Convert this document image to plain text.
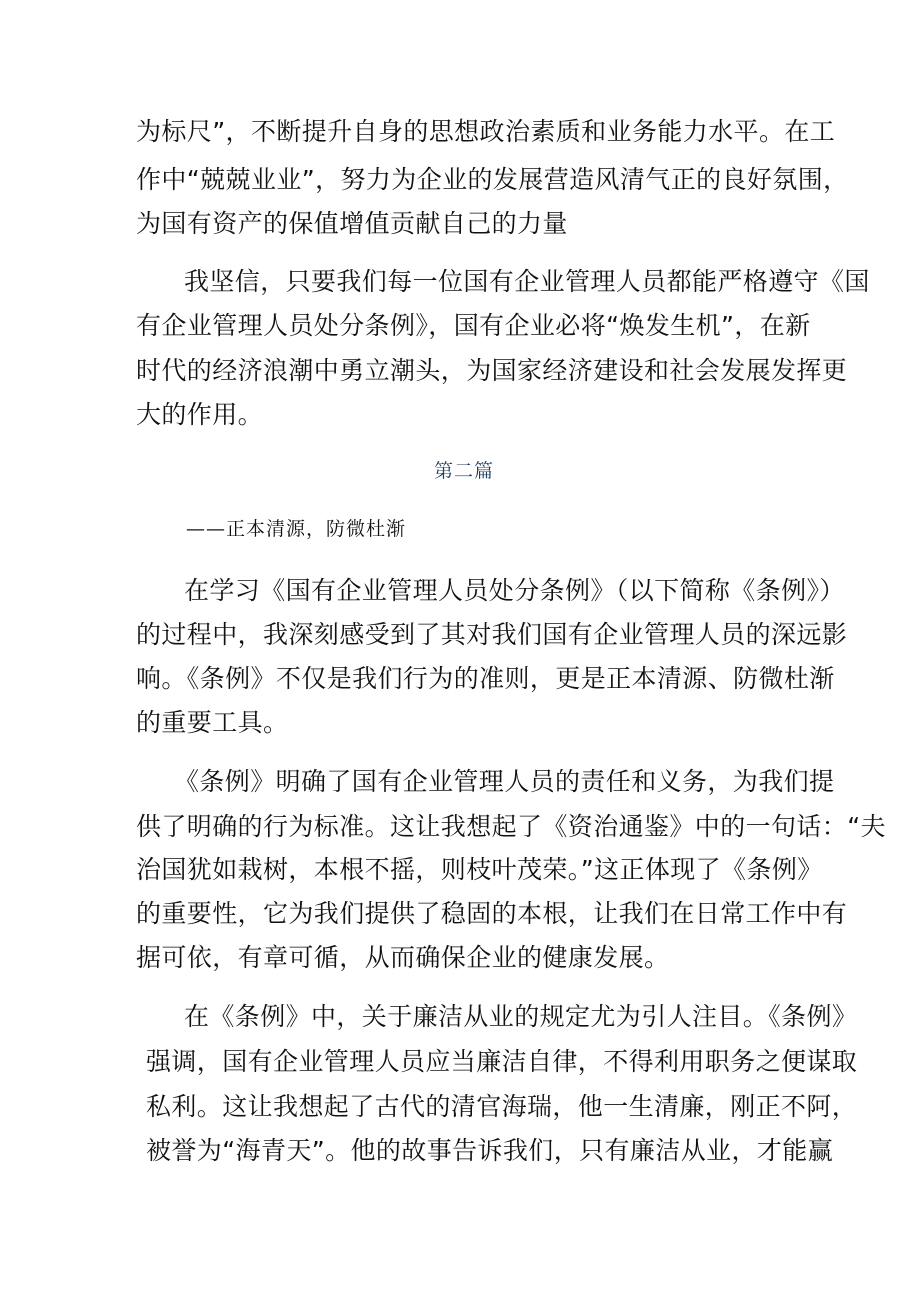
为标尺”，不断提升自身的思想政治素质和业务能力水平。在工
作中“兢兢业业”，努力为企业的发展营造风清气正的良好氛围，
为国有资产的保值增值贡献自己的力量
我坚信，只要我们每一位国有企业管理人员都能严格遵守《国
有企业管理人员处分条例》，国有企业必将“焕发生机”，在新
时代的经济浪潮中勇立潮头，为国家经济建设和社会发展发挥更
大的作用。
第二篇
——正本清源，防微杜渐
在学习《国有企业管理人员处分条例》（以下简称《条例》）
的过程中，我深刻感受到了其对我们国有企业管理人员的深远影
响。《条例》不仅是我们行为的准则，更是正本清源、防微杜渐
的重要工具。
《条例》明确了国有企业管理人员的责任和义务，为我们提
供了明确的行为标准。这让我想起了《资治通鉴》中的一句话：“夫
治国犹如栽树，本根不摇，则枝叶茂荣。”这正体现了《条例》
的重要性，它为我们提供了稳固的本根，让我们在日常工作中有
据可依，有章可循，从而确保企业的健康发展。
在《条例》中，关于廉洁从业的规定尤为引人注目。《条例》
强调，国有企业管理人员应当廉洁自律，不得利用职务之便谋取
私利。这让我想起了古代的清官海瑞，他一生清廉，刚正不阿，
被誉为“海青天”。他的故事告诉我们，只有廉洁从业，才能赢
